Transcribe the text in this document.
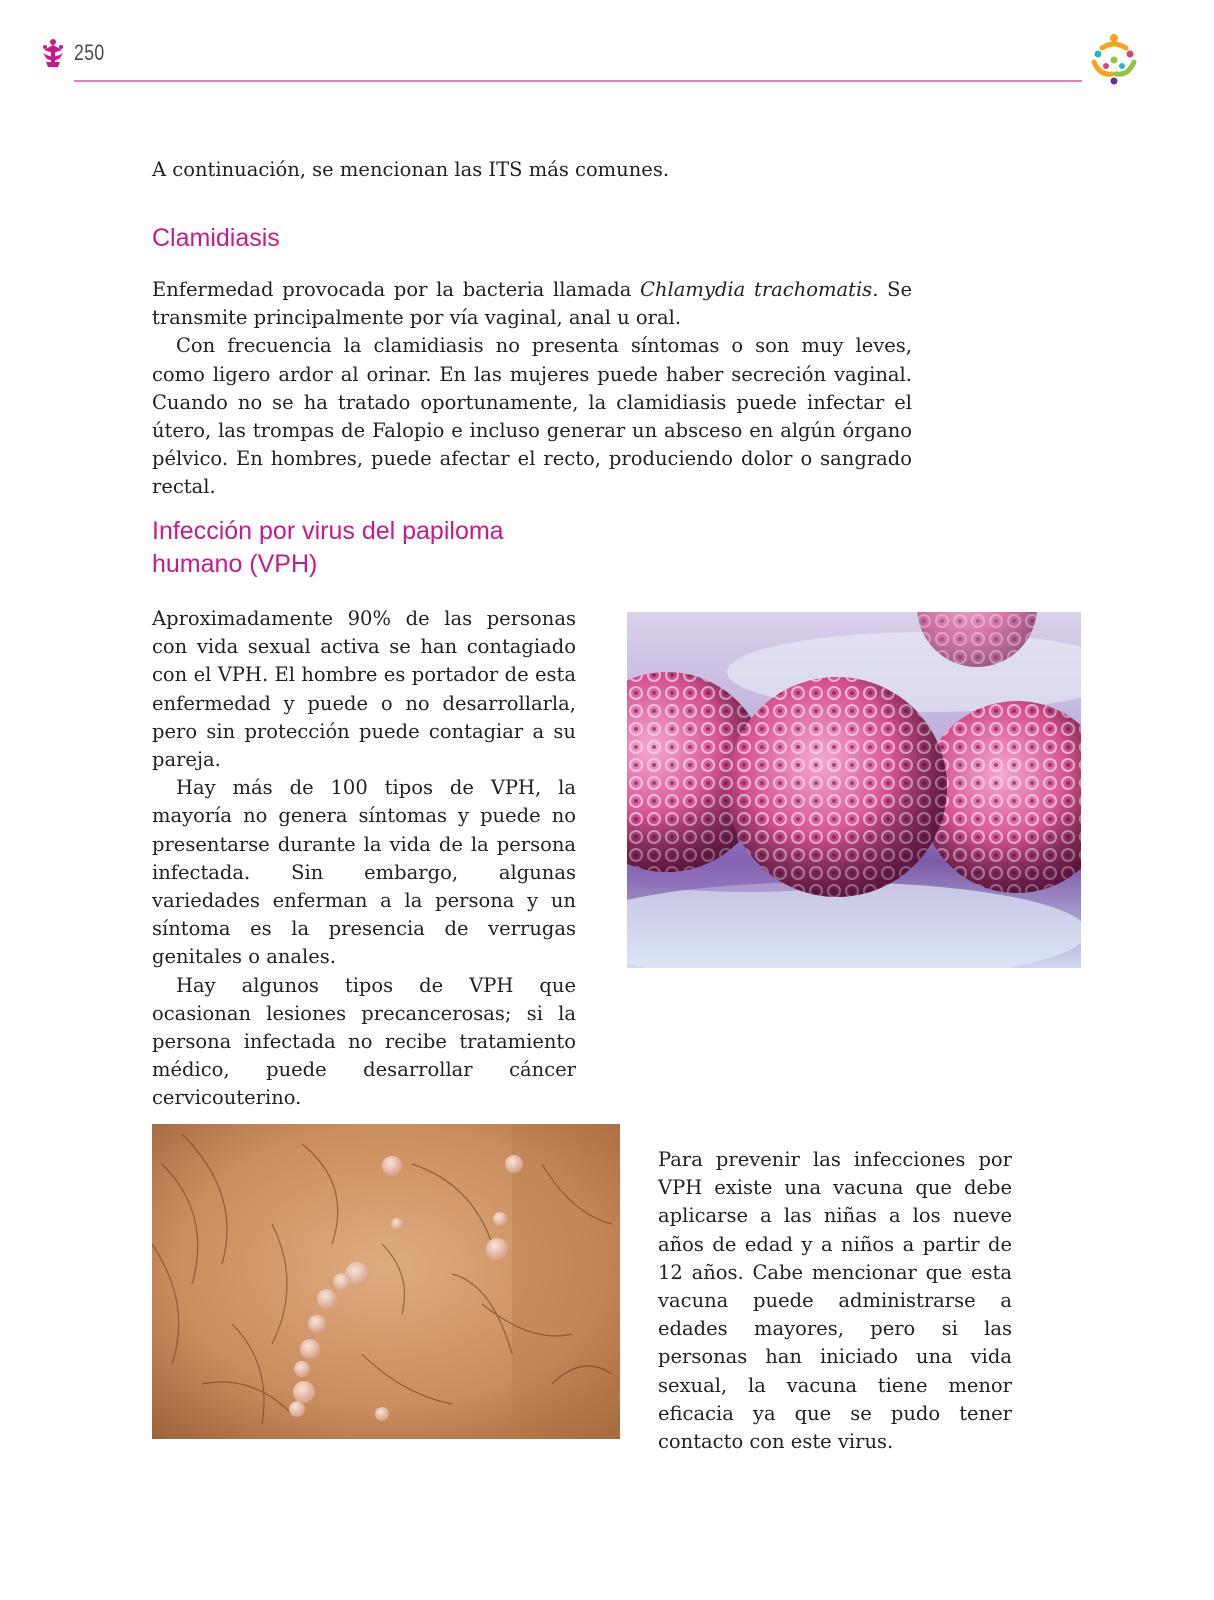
250

A continuación, se mencionan las ITS más comunes.

Clamidiasis
Enfermedad provocada por la bacteria llamada Chlamydia trachomatis. Se transmite principalmente por vía vaginal, anal u oral.
Con frecuencia la clamidiasis no presenta síntomas o son muy leves, como ligero ardor al orinar. En las mujeres puede haber secreción vaginal. Cuando no se ha tratado oportunamente, la clamidiasis puede infectar el útero, las trompas de Falopio e incluso generar un absceso en algún órgano pélvico. En hombres, puede afectar el recto, produciendo dolor o sangrado rectal.
Infección por virus del papiloma humano (VPH)
Aproximadamente 90% de las personas con vida sexual activa se han contagiado con el VPH. El hombre es portador de esta enfermedad y puede o no desarrollarla, pero sin protección puede contagiar a su pareja.
Hay más de 100 tipos de VPH, la mayoría no genera síntomas y puede no presentarse durante la vida de la persona infectada. Sin embargo, algunas variedades enferman a la persona y un síntoma es la presencia de verrugas genitales o anales.
Hay algunos tipos de VPH que ocasionan lesiones precancerosas; si la persona infectada no recibe tratamiento médico, puede desarrollar cáncer cervicouterino.
Para prevenir las infecciones por VPH existe una vacuna que debe aplicarse a las niñas a los nueve años de edad y a niños a partir de 12 años. Cabe mencionar que esta vacuna puede administrarse a edades mayores, pero si las personas han iniciado una vida sexual, la vacuna tiene menor eficacia ya que se pudo tener contacto con este virus.
